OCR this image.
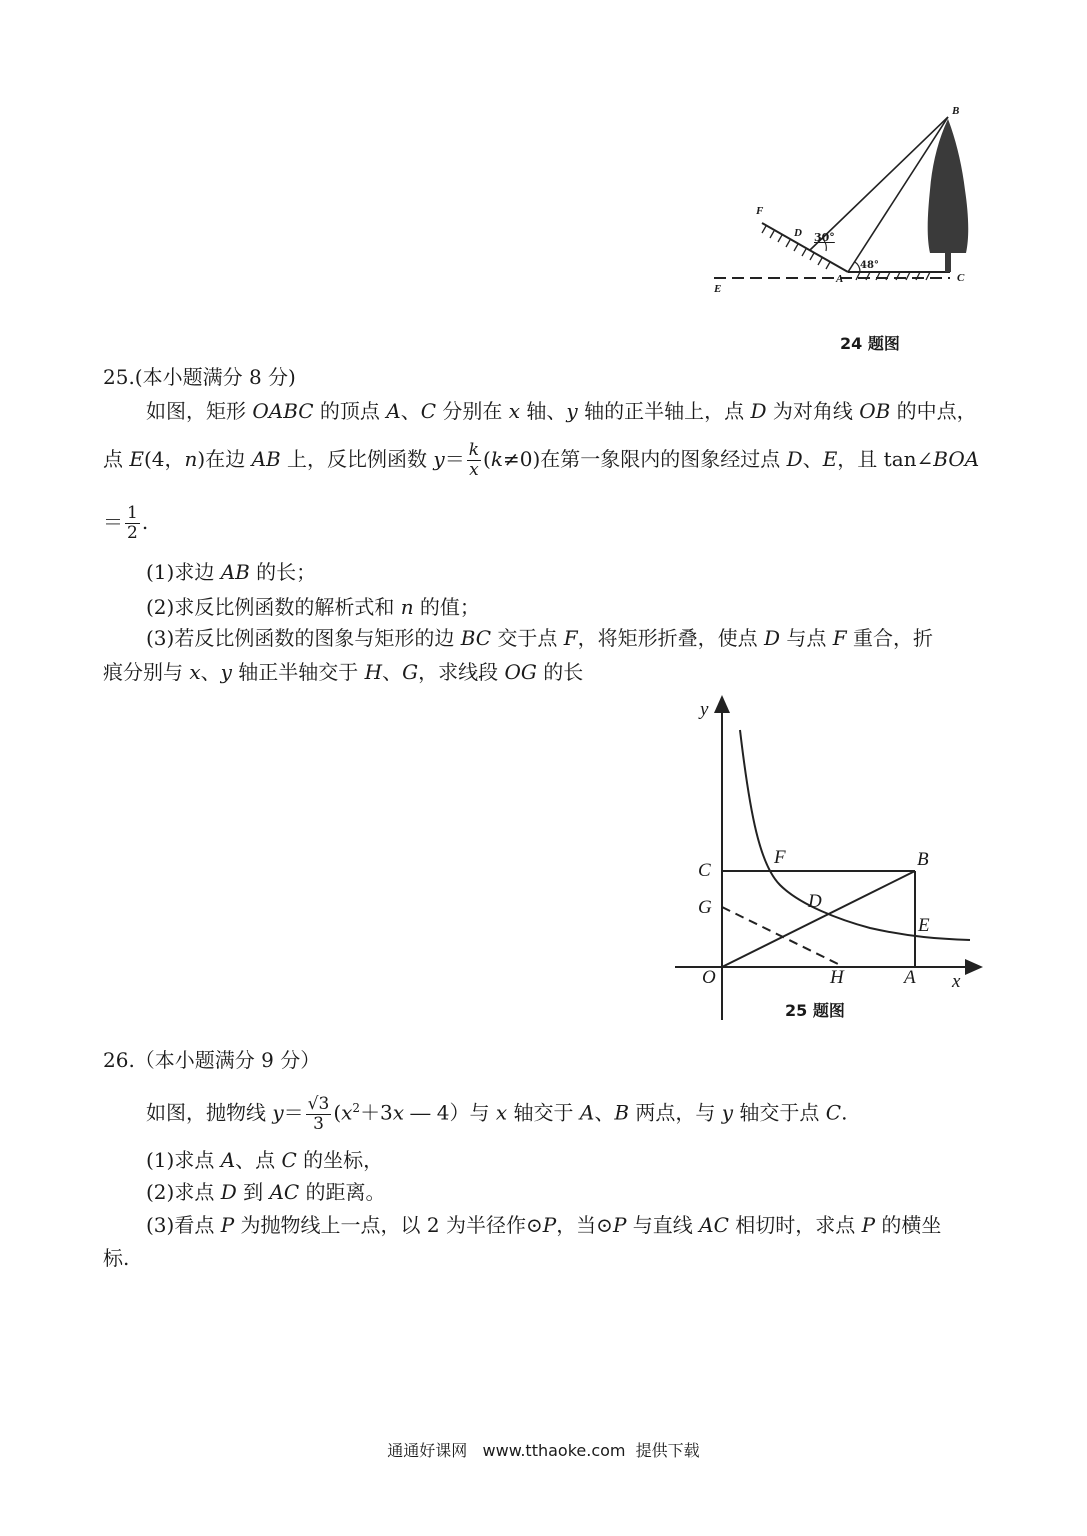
B
F
D
A	C
E
30°
48°
24 题图
25.(本小题满分 8 分)
如图，矩形 OABC 的顶点 A、C 分别在 x 轴、y 轴的正半轴上，点 D 为对角线 OB 的中点，
点 E(4，n)在边 AB 上，反比例函数 $y= \frac{k}{x} (k\ne 0)$在第一象限内的图象经过点 D、E，且 tan∠BOA
＝ $\frac{1}{2}$ .
(1)求边 AB 的长；
(2)求反比例函数的解析式和 n 的值；
(3)若反比例函数的图象与矩形的边 BC 交于点 F，将矩形折叠，使点 D 与点 F 重合，折
痕分别与 x、y 轴正半轴交于 H、G，求线段 OG 的长
y
x
O
C
F	B
G	D
E
H	A
25 题图
26.（本小题满分 9 分）
如图，抛物线 $y= \frac{√3}{3} (x^2+3x$ ― 4）与 x 轴交于 A、B 两点，与 y 轴交于点 C.
(1)求点 A、点 C 的坐标，
(2)求点 D 到 AC 的距离。
(3)看点 P 为抛物线上一点，以 2 为半径作⊙P，当⊙P 与直线 AC 相切时，求点 P 的横坐
标.
通通好课网   www.tthaoke.com  提供下载
